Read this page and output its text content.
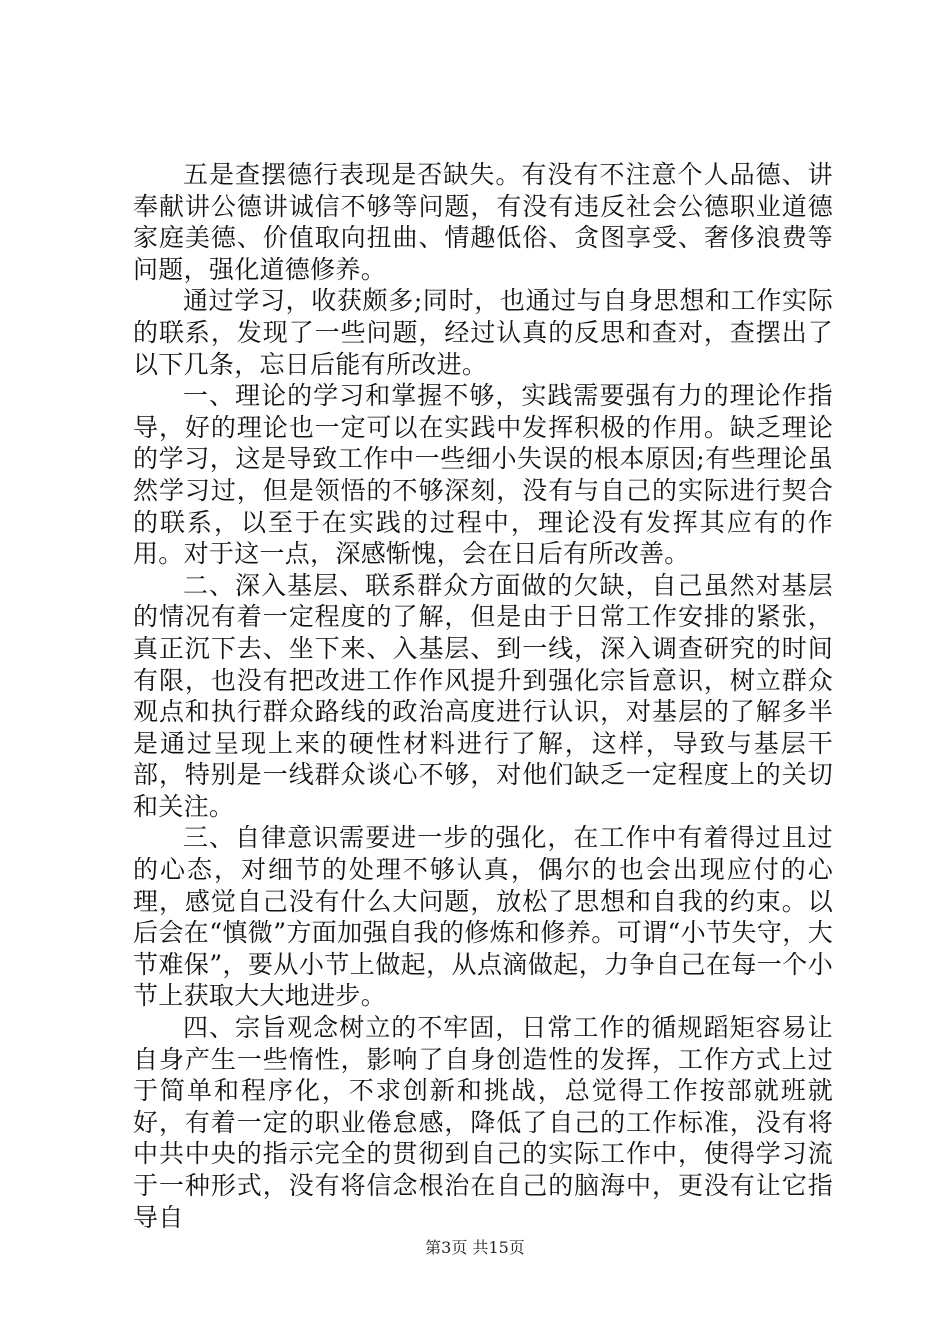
五是查摆德行表现是否缺失。有没有不注意个人品德、讲奉献讲公德讲诚信不够等问题，有没有违反社会公德职业道德家庭美德、价值取向扭曲、情趣低俗、贪图享受、奢侈浪费等问题，强化道德修养。

通过学习，收获颇多;同时，也通过与自身思想和工作实际的联系，发现了一些问题，经过认真的反思和查对，查摆出了以下几条，忘日后能有所改进。

一、理论的学习和掌握不够，实践需要强有力的理论作指导，好的理论也一定可以在实践中发挥积极的作用。缺乏理论的学习，这是导致工作中一些细小失误的根本原因;有些理论虽然学习过，但是领悟的不够深刻，没有与自己的实际进行契合的联系，以至于在实践的过程中，理论没有发挥其应有的作用。对于这一点，深感惭愧，会在日后有所改善。

二、深入基层、联系群众方面做的欠缺，自己虽然对基层的情况有着一定程度的了解，但是由于日常工作安排的紧张，真正沉下去、坐下来、入基层、到一线，深入调查研究的时间有限，也没有把改进工作作风提升到强化宗旨意识，树立群众观点和执行群众路线的政治高度进行认识，对基层的了解多半是通过呈现上来的硬性材料进行了解，这样，导致与基层干部，特别是一线群众谈心不够，对他们缺乏一定程度上的关切和关注。

三、自律意识需要进一步的强化，在工作中有着得过且过的心态，对细节的处理不够认真，偶尔的也会出现应付的心理，感觉自己没有什么大问题，放松了思想和自我的约束。以后会在“慎微”方面加强自我的修炼和修养。可谓“小节失守，大节难保”，要从小节上做起，从点滴做起，力争自己在每一个小节上获取大大地进步。

四、宗旨观念树立的不牢固，日常工作的循规蹈矩容易让自身产生一些惰性，影响了自身创造性的发挥，工作方式上过于简单和程序化，不求创新和挑战，总觉得工作按部就班就好，有着一定的职业倦怠感，降低了自己的工作标准，没有将中共中央的指示完全的贯彻到自己的实际工作中，使得学习流于一种形式，没有将信念根治在自己的脑海中，更没有让它指导自

第3页 共15页
